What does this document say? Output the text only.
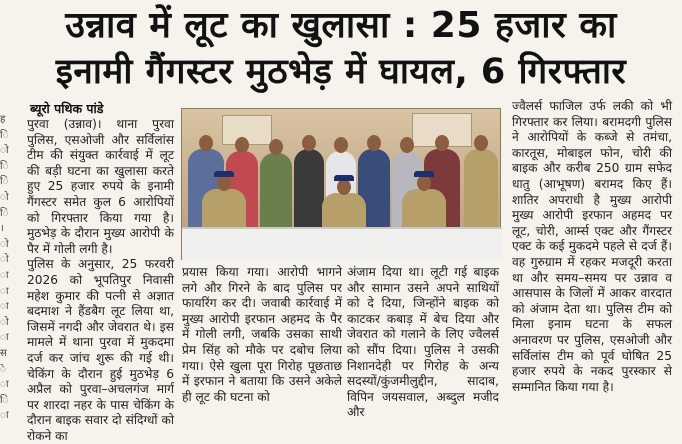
उन्नाव में लूट का खुलासा : 25 हजार का
इनामी गैंगस्टर मुठभेड़ में घायल, 6 गिरफ्तार
ह
ि
ो
ि
ि
ो
ि
।
ो
ो
ा
ा
ा
ो
ा
स
े
ा
ि
ा
ब्यूरो पथिक पांडे

पुरवा (उन्नाव)। थाना पुरवा पुलिस, एसओजी और सर्विलांस टीम की संयुक्त कार्रवाई में लूट की बड़ी घटना का खुलासा करते हुए 25 हजार रुपये के इनामी गैंगस्टर समेत कुल 6 आरोपियों को गिरफ्तार किया गया है। मुठभेड़ के दौरान मुख्य आरोपी के पैर में गोली लगी है।

पुलिस के अनुसार, 25 फरवरी 2026 को भूपतिपुर निवासी महेश कुमार की पत्नी से अज्ञात बदमाश ने हैंडबैग लूट लिया था, जिसमें नगदी और जेवरात थे। इस मामले में थाना पुरवा में मुकदमा दर्ज कर जांच शुरू की गई थी। चेकिंग के दौरान हुई मुठभेड़ 6 अप्रैल को पुरवा–अचलगंज मार्ग पर शारदा नहर के पास चेकिंग के दौरान बाइक सवार दो संदिग्धों को रोकने का

प्रयास किया गया। आरोपी भागने लगे और गिरने के बाद पुलिस पर फायरिंग कर दी। जवाबी कार्रवाई में मुख्य आरोपी इरफान अहमद के पैर में गोली लगी, जबकि उसका साथी प्रेम सिंह को मौके पर दबोच लिया गया। ऐसे खुला पूरा गिरोह पूछताछ में इरफान ने बताया कि उसने अकेले ही लूट की घटना को

अंजाम दिया था। लूटी गई बाइक और सामान उसने अपने साथियों को दे दिया, जिन्होंने बाइक को काटकर कबाड़ में बेच दिया और जेवरात को गलाने के लिए ज्वैलर्स को सौंप दिया। पुलिस ने उसकी निशानदेही पर गिरोह के अन्य सदस्यों/कुंजमीलुद्दीन, सादाब, विपिन जयसवाल, अब्दुल मजीद और

ज्वैलर्स फाजिल उर्फ लकी को भी गिरफ्तार कर लिया। बरामदगी पुलिस ने आरोपियों के कब्जे से तमंचा, कारतूस, मोबाइल फोन, चोरी की बाइक और करीब 250 ग्राम सफेद धातु (आभूषण) बरामद किए हैं। शातिर अपराधी है मुख्य आरोपी मुख्य आरोपी इरफान अहमद पर लूट, चोरी, आर्म्स एक्ट और गैंगस्टर एक्ट के कई मुकदमे पहले से दर्ज हैं। वह गुरुग्राम में रहकर मजदूरी करता था और समय–समय पर उन्नाव व आसपास के जिलों में आकर वारदात को अंजाम देता था। पुलिस टीम को मिला इनाम घटना के सफल अनावरण पर पुलिस, एसओजी और सर्विलांस टीम को पूर्व घोषित 25 हजार रुपये के नकद पुरस्कार से सम्मानित किया गया है।
